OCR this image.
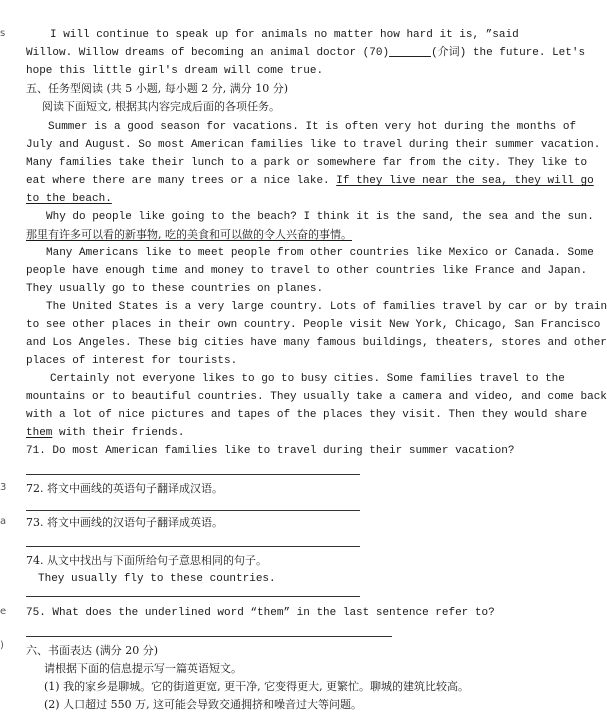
s
3
a
e
)
I will continue to speak up for animals no matter how hard it is, ”said
Willow. Willow dreams of becoming an animal doctor (70)	(介词) the future. Let's
hope this little girl's dream will come true.
五、任务型阅读 (共 5 小题, 每小题 2 分, 满分 10 分)
阅读下面短文, 根据其内容完成后面的各项任务。
Summer is a good season for vacations. It is often very hot during the months of
July and August. So most American families like to travel during their summer vacation.
Many families take their lunch to a park or somewhere far from the city. They like to
eat where there are many trees or a nice lake. If they live near the sea, they will go
to the beach.
Why do people like going to the beach? I think it is the sand, the sea and the sun.
那里有许多可以看的新事物, 吃的美食和可以做的令人兴奋的事情。
Many Americans like to meet people from other countries like Mexico or Canada. Some
people have enough time and money to travel to other countries like France and Japan.
They usually go to these countries on planes.
The United States is a very large country. Lots of families travel by car or by train
to see other places in their own country. People visit New York, Chicago, San Francisco
and Los Angeles. These big cities have many famous buildings, theaters, stores and other
places of interest for tourists.
Certainly not everyone likes to go to busy cities. Some families travel to the
mountains or to beautiful countries. They usually take a camera and video, and come back
with a lot of nice pictures and tapes of the places they visit. Then they would share
them with their friends.
71. Do most American families like to travel during their summer vacation?
72. 将文中画线的英语句子翻译成汉语。
73. 将文中画线的汉语句子翻译成英语。
74. 从文中找出与下面所给句子意思相同的句子。
They usually fly to these countries.
75. What does the underlined word “them” in the last sentence refer to?
六、书面表达 (满分 20 分)
请根据下面的信息提示写一篇英语短文。
(1) 我的家乡是聊城。它的街道更宽, 更干净, 它变得更大, 更繁忙。聊城的建筑比较高。
(2) 人口超过 550 万, 这可能会导致交通拥挤和噪音过大等问题。
